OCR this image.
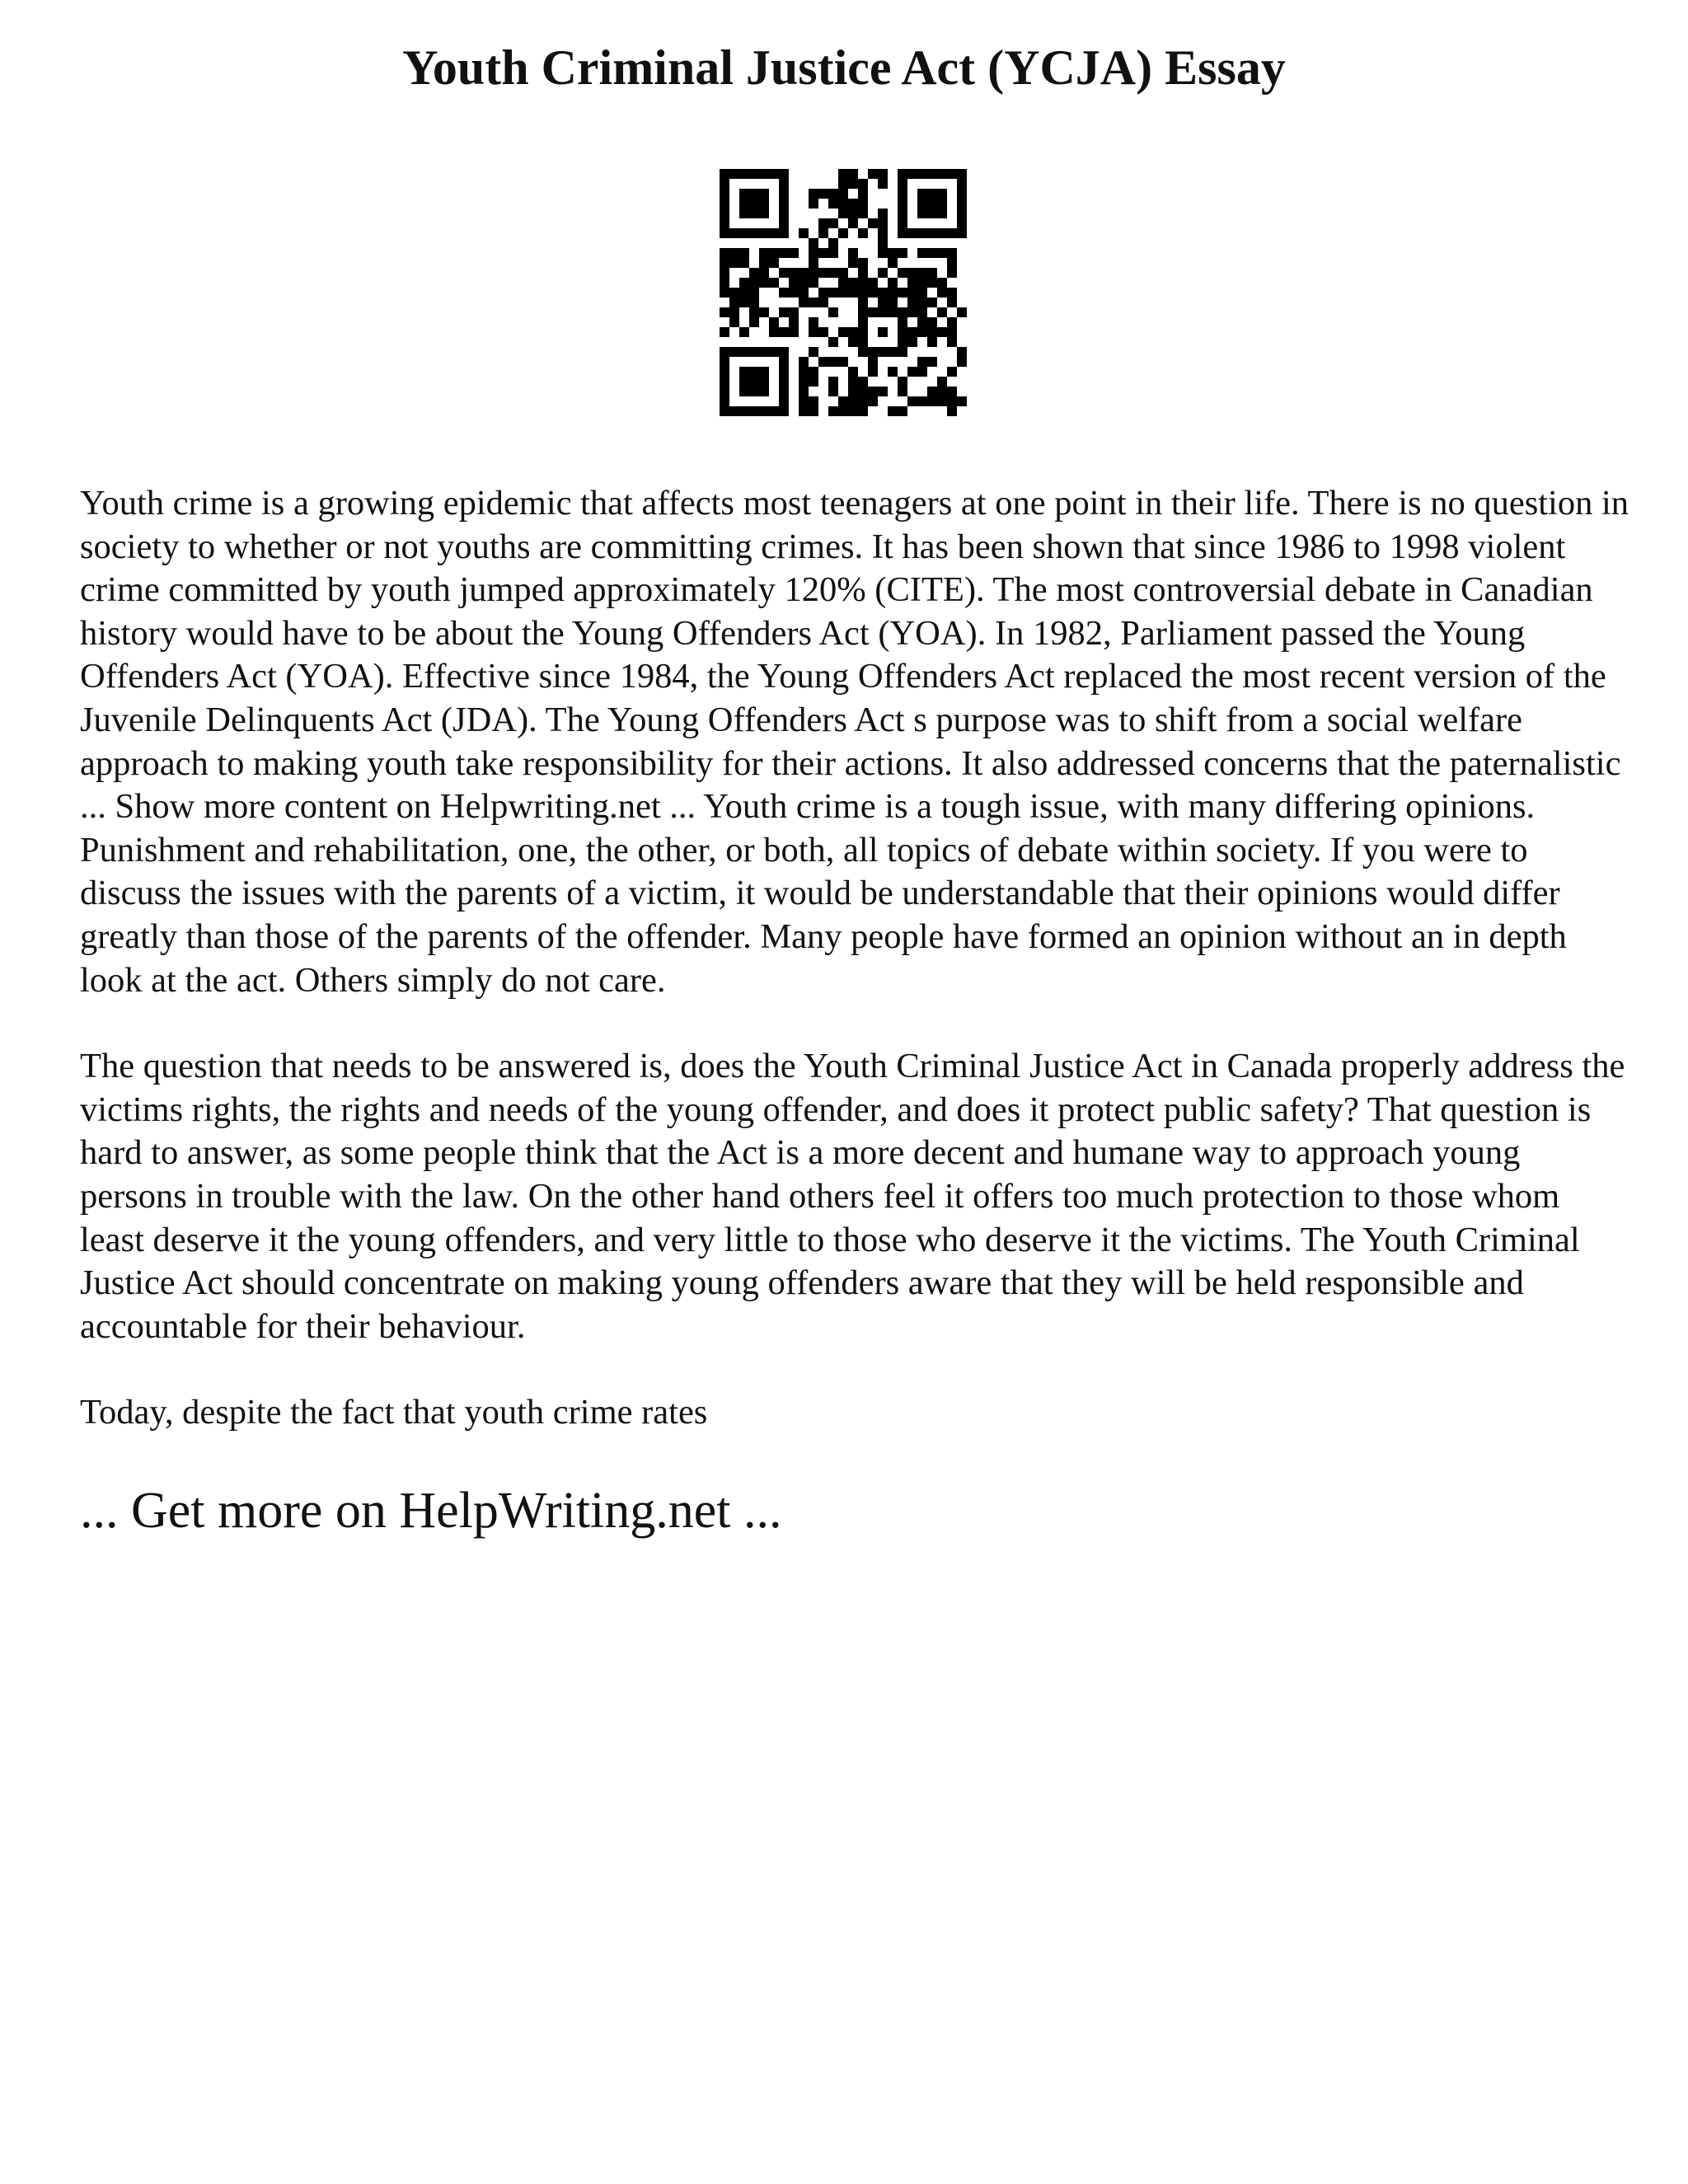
Youth Criminal Justice Act (YCJA) Essay

Youth crime is a growing epidemic that affects most teenagers at one point in their life. There is no question in society to whether or not youths are committing crimes. It has been shown that since 1986 to 1998 violent crime committed by youth jumped approximately 120% (CITE). The most controversial debate in Canadian history would have to be about the Young Offenders Act (YOA). In 1982, Parliament passed the Young Offenders Act (YOA). Effective since 1984, the Young Offenders Act replaced the most recent version of the Juvenile Delinquents Act (JDA). The Young Offenders Act s purpose was to shift from a social welfare approach to making youth take responsibility for their actions. It also addressed concerns that the paternalistic ... Show more content on Helpwriting.net ... Youth crime is a tough issue, with many differing opinions. Punishment and rehabilitation, one, the other, or both, all topics of debate within society. If you were to discuss the issues with the parents of a victim, it would be understandable that their opinions would differ greatly than those of the parents of the offender. Many people have formed an opinion without an in depth look at the act. Others simply do not care.

The question that needs to be answered is, does the Youth Criminal Justice Act in Canada properly address the victims rights, the rights and needs of the young offender, and does it protect public safety? That question is hard to answer, as some people think that the Act is a more decent and humane way to approach young persons in trouble with the law. On the other hand others feel it offers too much protection to those whom least deserve it the young offenders, and very little to those who deserve it the victims. The Youth Criminal Justice Act should concentrate on making young offenders aware that they will be held responsible and accountable for their behaviour.

Today, despite the fact that youth crime rates

... Get more on HelpWriting.net ...
